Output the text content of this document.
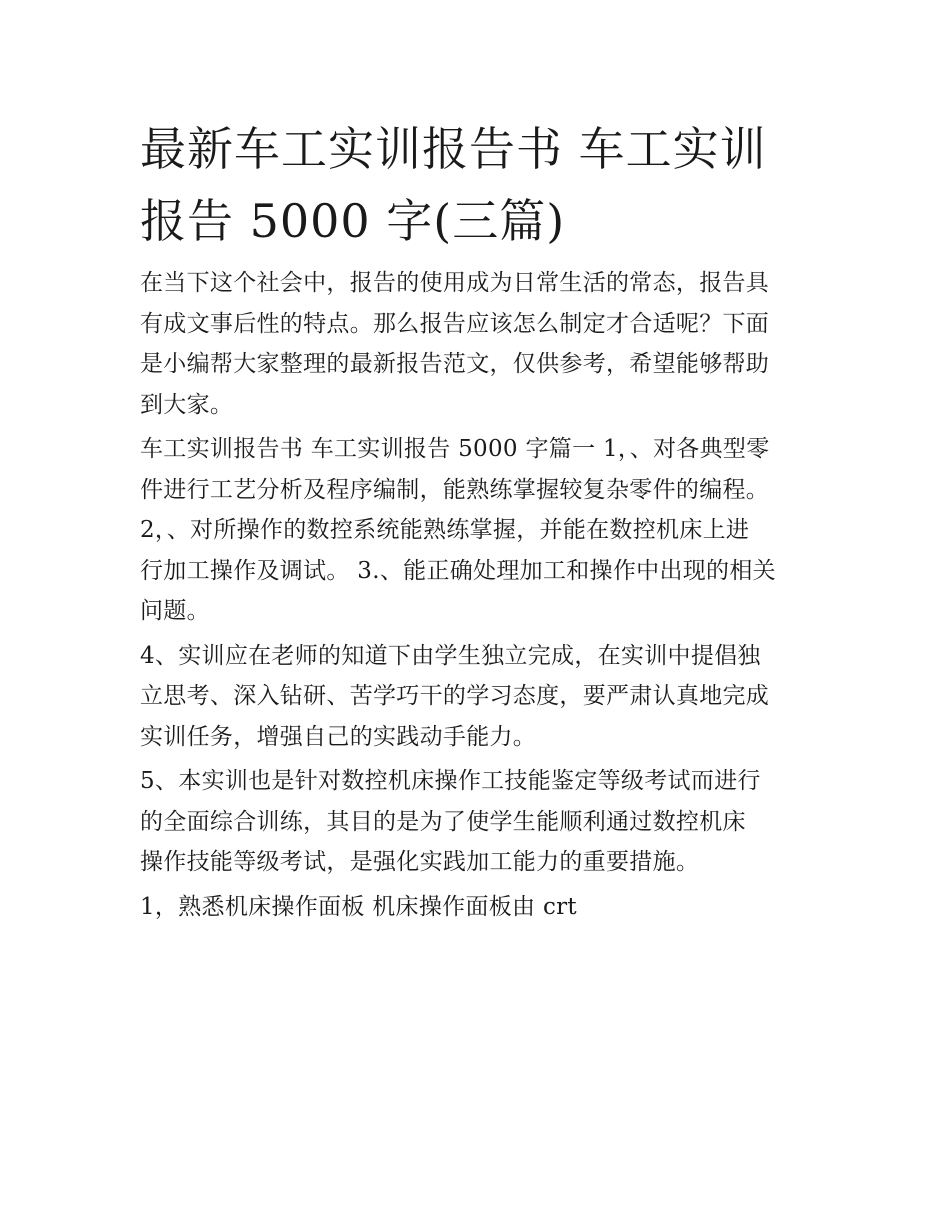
最新车工实训报告书 车工实训
报告 5000 字(三篇)

在当下这个社会中，报告的使用成为日常生活的常态，报告具
有成文事后性的特点。那么报告应该怎么制定才合适呢？下面
是小编帮大家整理的最新报告范文，仅供参考，希望能够帮助
到大家。

车工实训报告书 车工实训报告 5000 字篇一 1，、对各典型零
件进行工艺分析及程序编制，能熟练掌握较复杂零件的编程。
2，、对所操作的数控系统能熟练掌握，并能在数控机床上进
行加工操作及调试。 3.、能正确处理加工和操作中出现的相关
问题。

4、实训应在老师的知道下由学生独立完成，在实训中提倡独
立思考、深入钻研、苦学巧干的学习态度，要严肃认真地完成
实训任务，增强自己的实践动手能力。

5、本实训也是针对数控机床操作工技能鉴定等级考试而进行
的全面综合训练，其目的是为了使学生能顺利通过数控机床
操作技能等级考试，是强化实践加工能力的重要措施。

1，熟悉机床操作面板 机床操作面板由 crt
